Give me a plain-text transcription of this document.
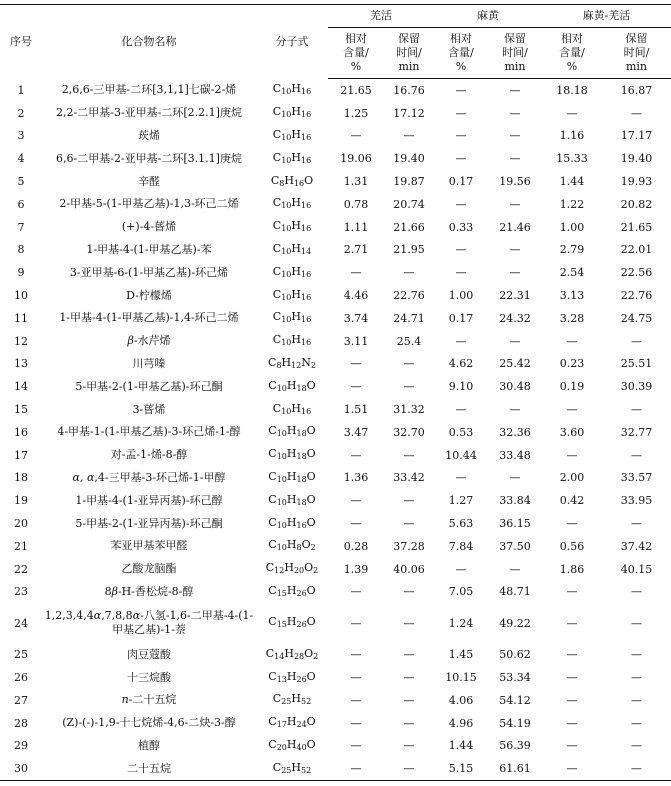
序号	化合物名称	分子式	羌活		麻黄		麻黄-羌活	
			相对
含量/
%	保留
时间/
min	相对
含量/
%	保留
时间/
min	相对
含量/
%	保留
时间/
min
1	2,6,6-三甲基-二环[3,1,1]七碳-2-烯	$C_{10}H_{16}$	21.65	16.76	—	—	18.18	16.87
2	2,2-二甲基-3-亚甲基-二环[2.2.1]庚烷	$C_{10}H_{16}$	1.25	17.12	—	—	—	—
3	莰烯	$C_{10}H_{16}$	—	—	—	—	1.16	17.17
4	6,6-二甲基-2-亚甲基-二环[3.1.1]庚烷	$C_{10}H_{16}$	19.06	19.40	—	—	15.33	19.40
5	辛醛	$C_8H_{16}O$	1.31	19.87	0.17	19.56	1.44	19.93
6	2-甲基-5-(1-甲基乙基)-1,3-环己二烯	$C_{10}H_{16}$	0.78	20.74	—	—	1.22	20.82
7	(+)-4-蒈烯	$C_{10}H_{16}$	1.11	21.66	0.33	21.46	1.00	21.65
8	1-甲基-4-(1-甲基乙基)-苯	$C_{10}H_{14}$	2.71	21.95	—	—	2.79	22.01
9	3-亚甲基-6-(1-甲基乙基)-环己烯	$C_{10}H_{16}$	—	—	—	—	2.54	22.56
10	D-柠檬烯	$C_{10}H_{16}$	4.46	22.76	1.00	22.31	3.13	22.76
11	1-甲基-4-(1-甲基乙基)-1,4-环己二烯	$C_{10}H_{16}$	3.74	24.71	0.17	24.32	3.28	24.75
12	β-水芹烯	$C_{10}H_{16}$	3.11	25.4	—	—	—	—
13	川芎嗪	$C_8H_{12}N_2$	—	—	4.62	25.42	0.23	25.51
14	5-甲基-2-(1-甲基乙基)-环己酮	$C_{10}H_{18}O$	—	—	9.10	30.48	0.19	30.39
15	3-蒈烯	$C_{10}H_{16}$	1.51	31.32	—	—	—	—
16	4-甲基-1-(1-甲基乙基)-3-环己烯-1-醇	$C_{10}H_{18}O$	3.47	32.70	0.53	32.36	3.60	32.77
17	对-孟-1-烯-8-醇	$C_{10}H_{18}O$	—	—	10.44	33.48	—	—
18	α, α,4-三甲基-3-环己烯-1-甲醇	$C_{10}H_{18}O$	1.36	33.42	—	—	2.00	33.57
19	1-甲基-4-(1-亚异丙基)-环己醇	$C_{10}H_{18}O$	—	—	1.27	33.84	0.42	33.95
20	5-甲基-2-(1-亚异丙基)-环己酮	$C_{10}H_{16}O$	—	—	5.63	36.15	—	—
21	苯亚甲基苯甲醛	$C_{10}H_8O_2$	0.28	37.28	7.84	37.50	0.56	37.42
22	乙酸龙脑酯	$C_{12}H_{20}O_2$	1.39	40.06	—	—	1.86	40.15
23	8β-H-香松烷-8-醇	$C_{15}H_{26}O$	—	—	7.05	48.71	—	—
24	1,2,3,4,4α,7,8,8α-八氢-1,6-二甲基-4-(1-甲基乙基)-1-萘	$C_{15}H_{26}O$	—	—	1.24	49.22	—	—
25	肉豆蔻酸	$C_{14}H_{28}O_2$	—	—	1.45	50.62	—	—
26	十三烷酸	$C_{13}H_{26}O$	—	—	10.15	53.34	—	—
27	n-二十五烷	$C_{25}H_{52}$	—	—	4.06	54.12	—	—
28	(Z)-(-)-1,9-十七烷烯-4,6-二炔-3-醇	$C_{17}H_{24}O$	—	—	4.96	54.19	—	—
29	植醇	$C_{20}H_{40}O$	—	—	1.44	56.39	—	—
30	二十五烷	$C_{25}H_{52}$	—	—	5.15	61.61	—	—
